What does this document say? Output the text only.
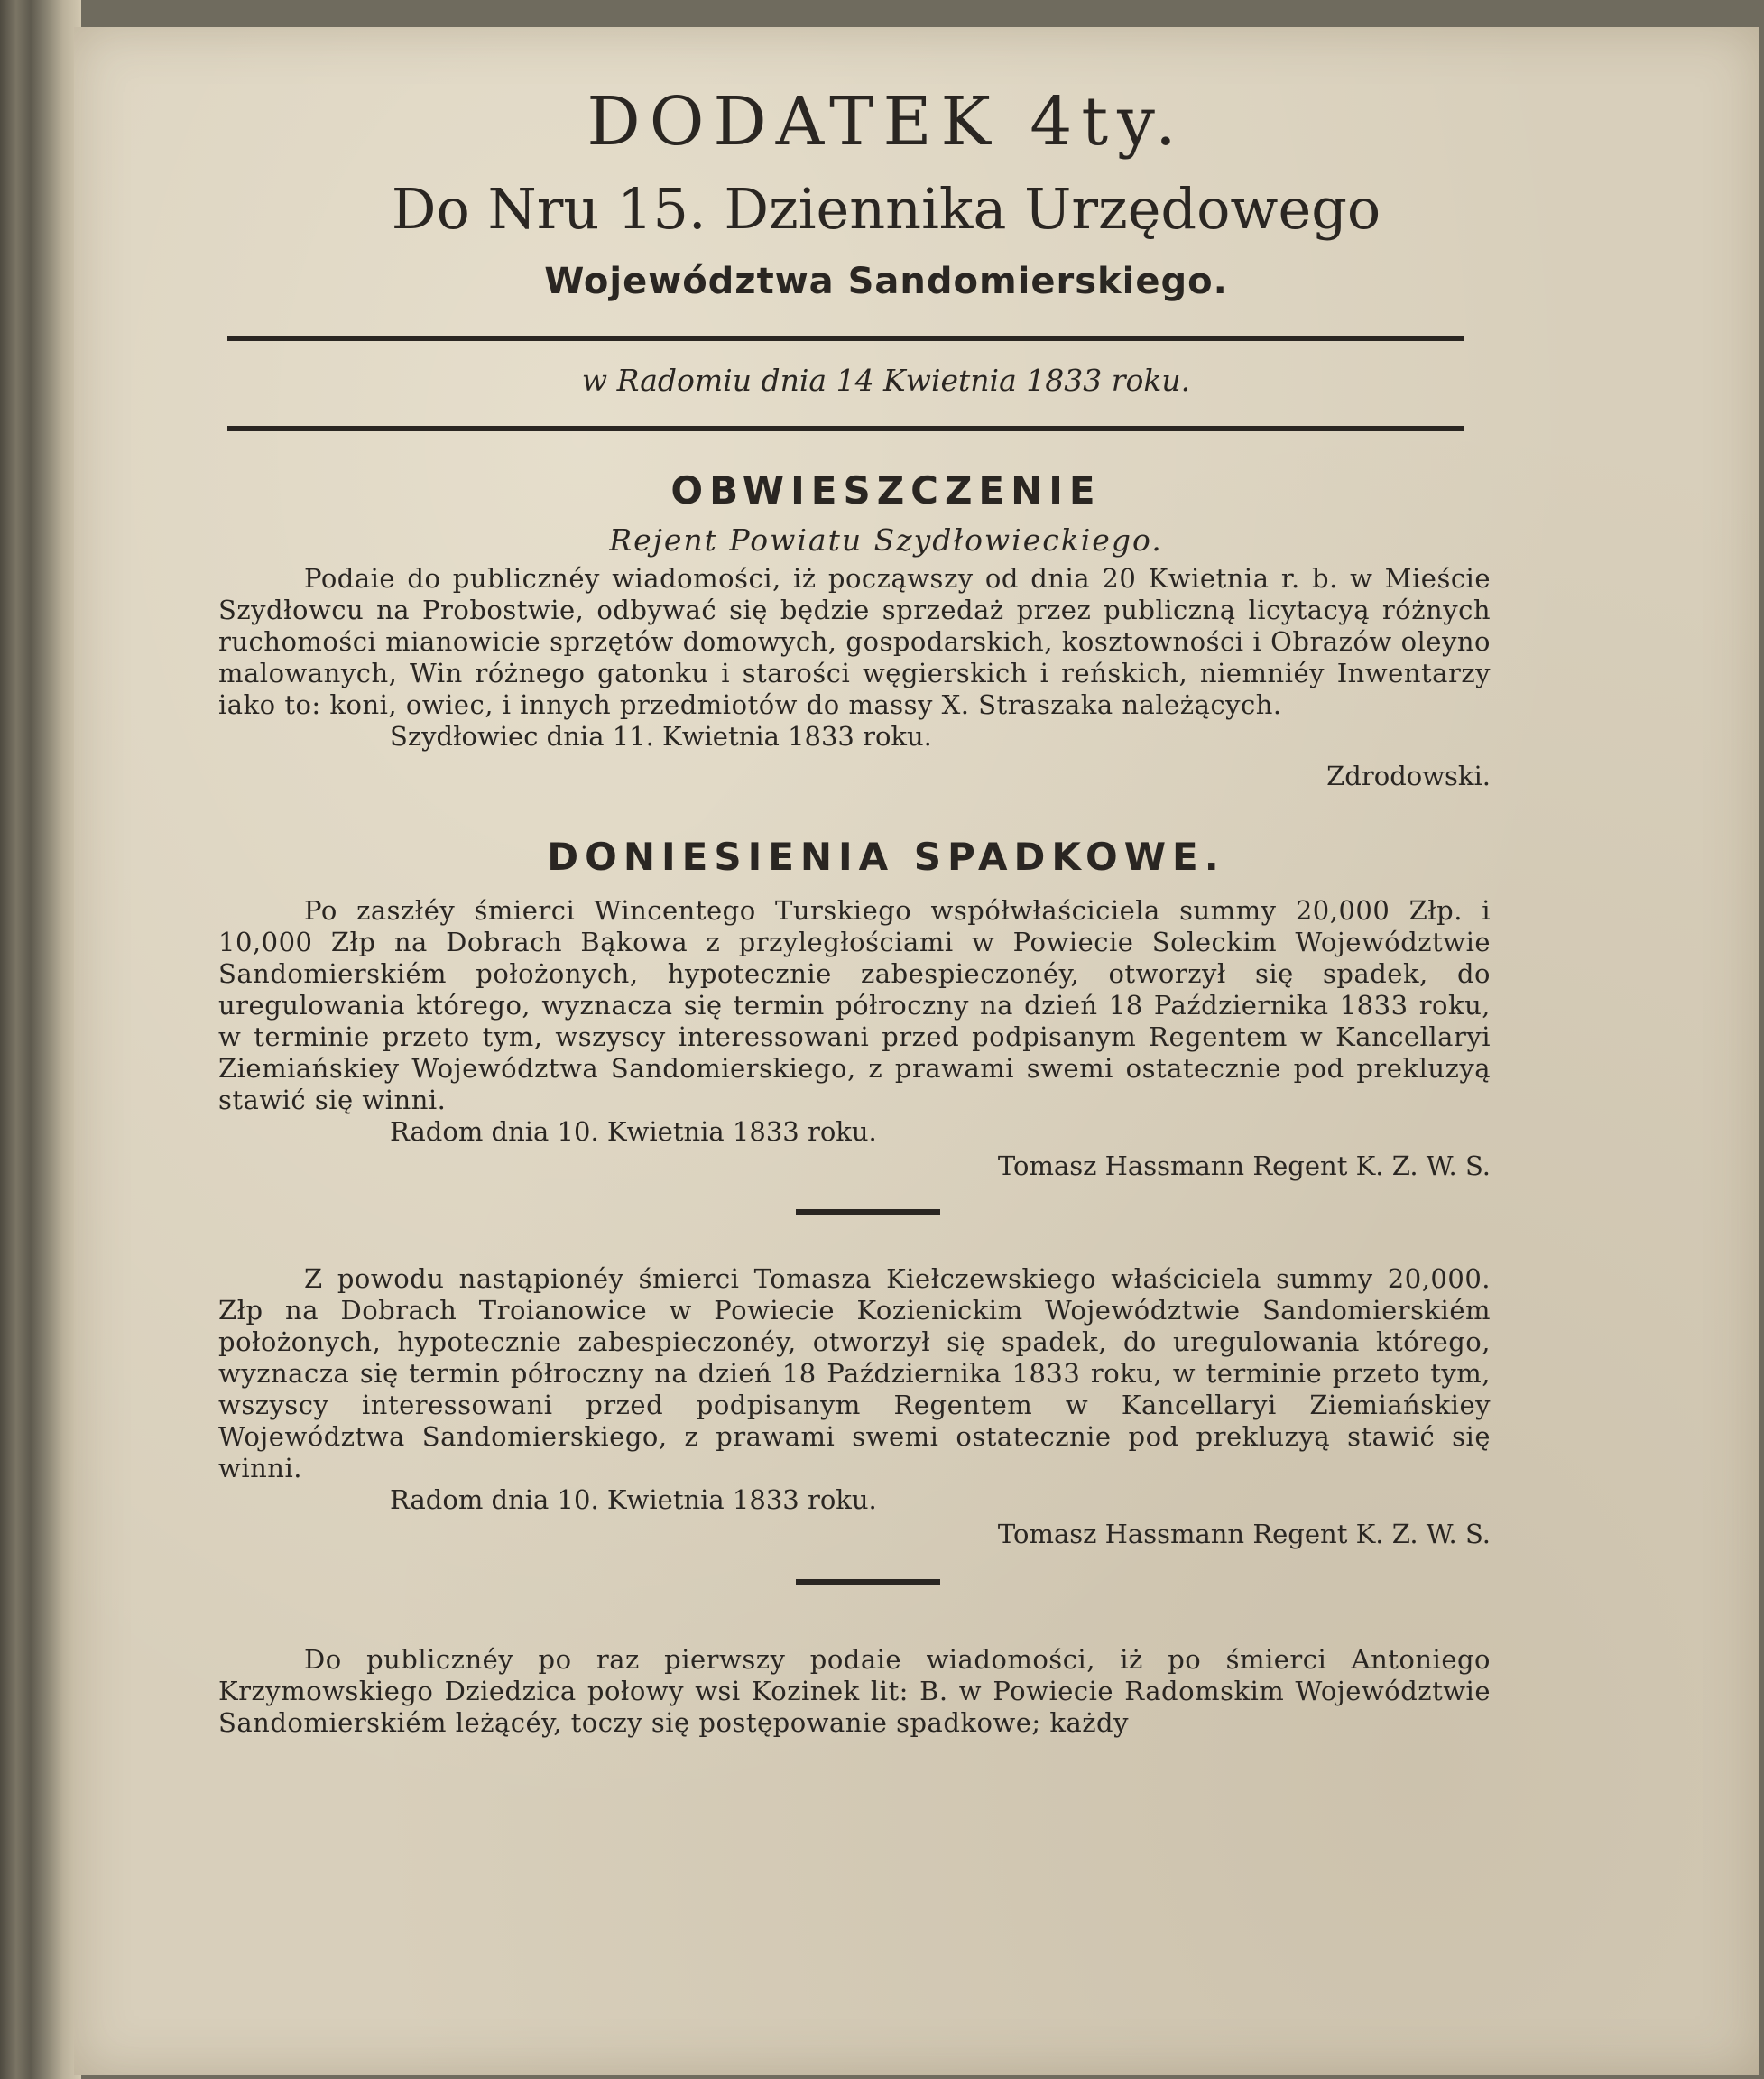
DODATEK 4ty.
Do Nru 15. Dziennika Urzędowego
Województwa Sandomierskiego.
w Radomiu dnia 14 Kwietnia 1833 roku.
OBWIESZCZENIE
Rejent Powiatu Szydłowieckiego.
Podaie do publicznéy wiadomości, iż począwszy od dnia 20 Kwietnia r. b. w Mieście Szydłowcu na Probostwie, odbywać się będzie sprzedaż przez publiczną licytacyą różnych ruchomości mianowicie sprzętów domowych, gospodarskich, kosztowności i Obrazów oleyno malowanych, Win różnego gatonku i starości węgierskich i reńskich, niemniéy Inwentarzy iako to: koni, owiec, i innych przedmiotów do massy X. Straszaka należących.
Szydłowiec dnia 11. Kwietnia 1833 roku.
Zdrodowski.
DONIESIENIA SPADKOWE.
Po zaszłéy śmierci Wincentego Turskiego współwłaściciela summy 20,000 Złp. i 10,000 Złp na Dobrach Bąkowa z przyległościami w Powiecie Soleckim Województwie Sandomierskiém położonych, hypotecznie zabespieczonéy, otworzył się spadek, do uregulowania którego, wyznacza się termin półroczny na dzień 18 Października 1833 roku, w terminie przeto tym, wszyscy interessowani przed podpisanym Regentem w Kancellaryi Ziemiańskiey Województwa Sandomierskiego, z prawami swemi ostatecznie pod prekluzyą stawić się winni.
Radom dnia 10. Kwietnia 1833 roku.
Tomasz Hassmann Regent K. Z. W. S.
Z powodu nastąpionéy śmierci Tomasza Kiełczewskiego właściciela summy 20,000. Złp na Dobrach Troianowice w Powiecie Kozienickim Województwie Sandomierskiém położonych, hypotecznie zabespieczonéy, otworzył się spadek, do uregulowania którego, wyznacza się termin półroczny na dzień 18 Października 1833 roku, w terminie przeto tym, wszyscy interessowani przed podpisanym Regentem w Kancellaryi Ziemiańskiey Województwa Sandomierskiego, z prawami swemi ostatecznie pod prekluzyą stawić się winni.
Radom dnia 10. Kwietnia 1833 roku.
Tomasz Hassmann Regent K. Z. W. S.
Do publicznéy po raz pierwszy podaie wiadomości, iż po śmierci Antoniego Krzymowskiego Dziedzica połowy wsi Kozinek lit: B. w Powiecie Radomskim Województwie Sandomierskiém leżącéy, toczy się postępowanie spadkowe; każdy
